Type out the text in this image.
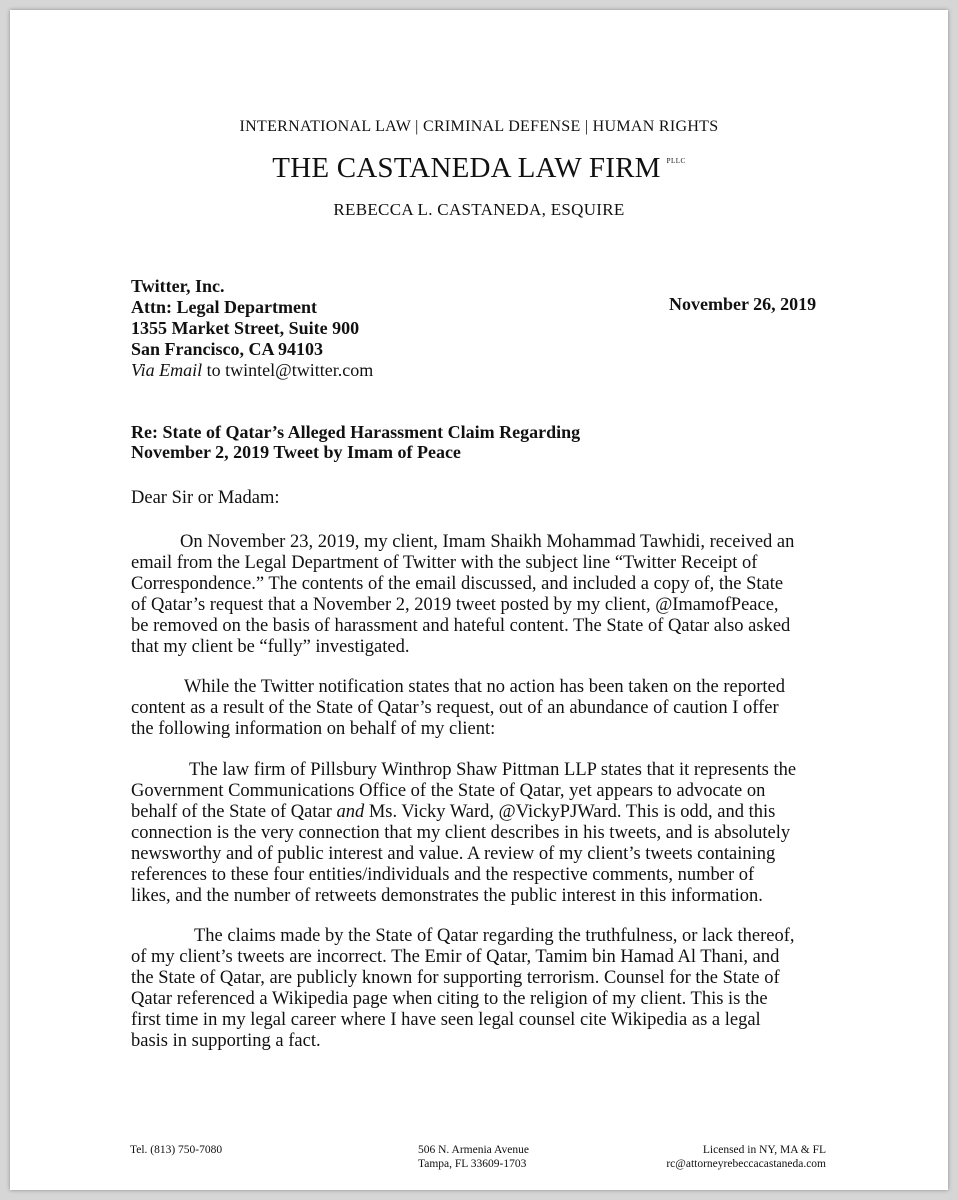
INTERNATIONAL LAW | CRIMINAL DEFENSE | HUMAN RIGHTS

THE CASTANEDA LAW FIRM $^{PLLC}$

REBECCA L. CASTANEDA, ESQUIRE

Twitter, Inc.
Attn: Legal Department
1355 Market Street, Suite 900
San Francisco, CA 94103
Via Email to twintel@twitter.com

November 26, 2019

Re: State of Qatar’s Alleged Harassment Claim Regarding
November 2, 2019 Tweet by Imam of Peace

Dear Sir or Madam:

On November 23, 2019, my client, Imam Shaikh Mohammad Tawhidi, received an
email from the Legal Department of Twitter with the subject line “Twitter Receipt of
Correspondence.” The contents of the email discussed, and included a copy of, the State
of Qatar’s request that a November 2, 2019 tweet posted by my client, @ImamofPeace,
be removed on the basis of harassment and hateful content. The State of Qatar also asked
that my client be “fully” investigated.
While the Twitter notification states that no action has been taken on the reported
content as a result of the State of Qatar’s request, out of an abundance of caution I offer
the following information on behalf of my client:
The law firm of Pillsbury Winthrop Shaw Pittman LLP states that it represents the
Government Communications Office of the State of Qatar, yet appears to advocate on
behalf of the State of Qatar and Ms. Vicky Ward, @VickyPJWard. This is odd, and this
connection is the very connection that my client describes in his tweets, and is absolutely
newsworthy and of public interest and value. A review of my client’s tweets containing
references to these four entities/individuals and the respective comments, number of
likes, and the number of retweets demonstrates the public interest in this information.
The claims made by the State of Qatar regarding the truthfulness, or lack thereof,
of my client’s tweets are incorrect. The Emir of Qatar, Tamim bin Hamad Al Thani, and
the State of Qatar, are publicly known for supporting terrorism. Counsel for the State of
Qatar referenced a Wikipedia page when citing to the religion of my client. This is the
first time in my legal career where I have seen legal counsel cite Wikipedia as a legal
basis in supporting a fact.
Tel. (813) 750-7080	506 N. Armenia Avenue
Tampa, FL 33609-1703
Licensed in NY, MA & FL
rc@attorneyrebeccacastaneda.com
